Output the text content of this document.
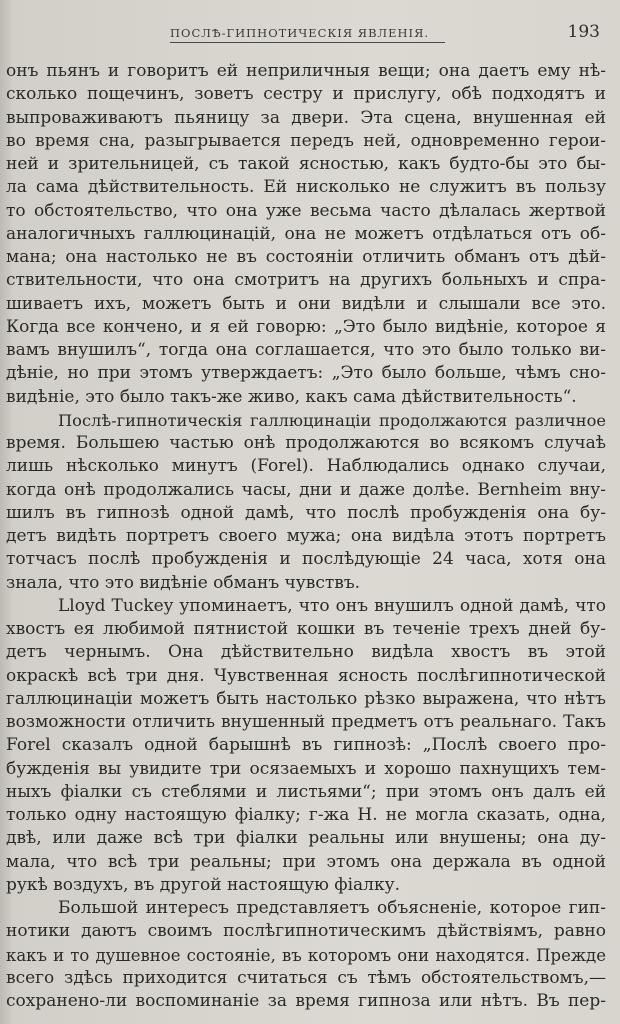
ПОСЛѢ-ГИПНОТИЧЕСКІЯ ЯВЛЕНІЯ.	193
онъ пьянъ и говоритъ ей неприличныя вещи; она даетъ ему нѣ-
сколько пощечинъ, зоветъ сестру и прислугу, обѣ подходятъ и
выпроваживаютъ пьяницу за двери. Эта сцена, внушенная ей
во время сна, разыгрывается передъ ней, одновременно герои-
ней и зрительницей, съ такой ясностью, какъ будто-бы это бы-
ла сама дѣйствительность. Ей нисколько не служитъ въ пользу
то обстоятельство, что она уже весьма часто дѣлалась жертвой
аналогичныхъ галлюцинацій, она не можетъ отдѣлаться отъ об-
мана; она настолько не въ состояніи отличить обманъ отъ дѣй-
ствительности, что она смотритъ на другихъ больныхъ и спра-
шиваетъ ихъ, можетъ быть и они видѣли и слышали все это.
Когда все кончено, и я ей говорю: „Это было видѣніе, которое я
вамъ внушилъ“, тогда она соглашается, что это было только ви-
дѣніе, но при этомъ утверждаетъ: „Это было больше, чѣмъ сно-
видѣніе, это было такъ-же живо, какъ сама дѣйствительность“.
Послѣ-гипнотическія галлюцинаціи продолжаются различное
время. Большею частью онѣ продолжаются во всякомъ случаѣ
лишь нѣсколько минутъ (Forel). Наблюдались однако случаи,
когда онѣ продолжались часы, дни и даже долѣе. Bernheim вну-
шилъ въ гипнозѣ одной дамѣ, что послѣ пробужденія она бу-
детъ видѣть портретъ своего мужа; она видѣла этотъ портретъ
тотчасъ послѣ пробужденія и послѣдующіе 24 часа, хотя она
знала, что это видѣніе обманъ чувствъ.
Lloyd Tuckey упоминаетъ, что онъ внушилъ одной дамѣ, что
хвостъ ея любимой пятнистой кошки въ теченіе трехъ дней бу-
детъ чернымъ. Она дѣйствительно видѣла хвостъ въ этой
окраскѣ всѣ три дня. Чувственная ясность послѣгипнотической
галлюцинаціи можетъ быть настолько рѣзко выражена, что нѣтъ
возможности отличить внушенный предметъ отъ реальнаго. Такъ
Forel сказалъ одной барышнѣ въ гипнозѣ: „Послѣ своего про-
бужденія вы увидите три осязаемыхъ и хорошо пахнущихъ тем-
ныхъ фіалки съ стеблями и листьями“; при этомъ онъ далъ ей
только одну настоящую фіалку; г-жа Н. не могла сказать, одна,
двѣ, или даже всѣ три фіалки реальны или внушены; она ду-
мала, что всѣ три реальны; при этомъ она держала въ одной
рукѣ воздухъ, въ другой настоящую фіалку.
Большой интересъ представляетъ объясненіе, которое гип-
нотики даютъ своимъ послѣгипнотическимъ дѣйствіямъ, равно
какъ и то душевное состояніе, въ которомъ они находятся. Прежде
всего здѣсь приходится считаться съ тѣмъ обстоятельствомъ,—
сохранено-ли воспоминаніе за время гипноза или нѣтъ. Въ пер-
